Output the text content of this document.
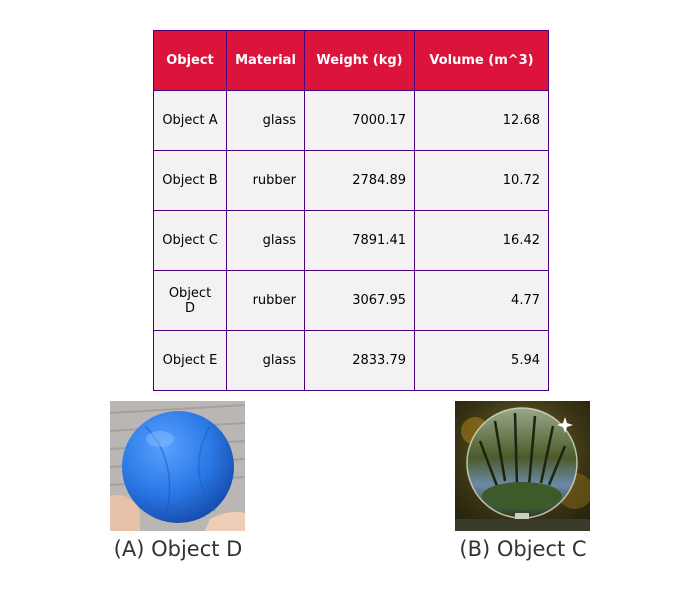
Object	Material	Weight (kg)	Volume (m^3)
Object A	glass	7000.17	12.68
Object B	rubber	2784.89	10.72
Object C	glass	7891.41	16.42
Object D	rubber	3067.95	4.77
Object E	glass	2833.79	5.94
(A) Object D	(B) Object C
